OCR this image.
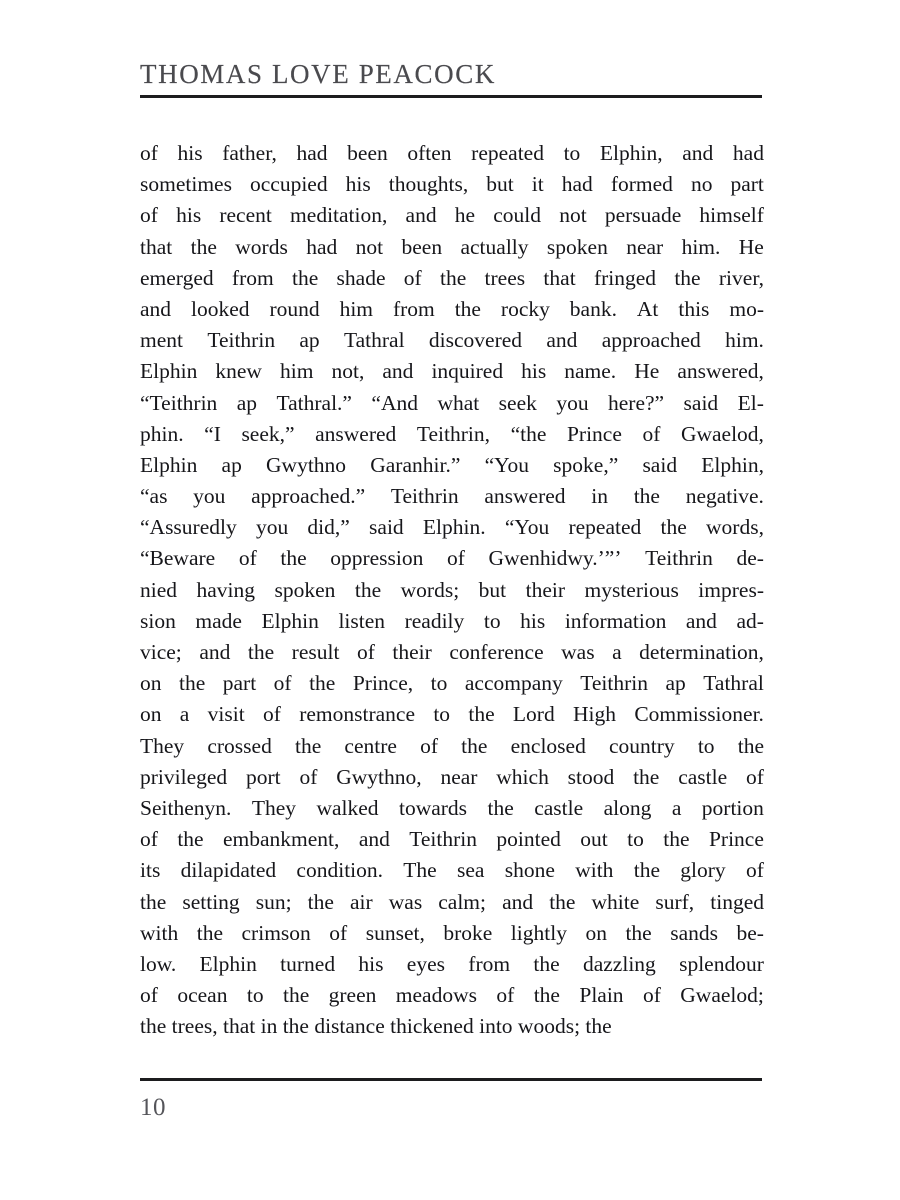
THOMAS LOVE PEACOCK
of his father, had been often repeated to Elphin, and had
sometimes occupied his thoughts, but it had formed no part
of his recent meditation, and he could not persuade himself
that the words had not been actually spoken near him. He
emerged from the shade of the trees that fringed the river,
and looked round him from the rocky bank. At this mo-
ment Teithrin ap Tathral discovered and approached him.
Elphin knew him not, and inquired his name. He answered,
“Teithrin ap Tathral.” “And what seek you here?” said El-
phin. “I seek,” answered Teithrin, “the Prince of Gwaelod,
Elphin ap Gwythno Garanhir.” “You spoke,” said Elphin,
“as you approached.” Teithrin answered in the negative.
“Assuredly you did,” said Elphin. “You repeated the words,
“Beware of the oppression of Gwenhidwy.’”’ Teithrin de-
nied having spoken the words; but their mysterious impres-
sion made Elphin listen readily to his information and ad-
vice; and the result of their conference was a determination,
on the part of the Prince, to accompany Teithrin ap Tathral
on a visit of remonstrance to the Lord High Commissioner.
They crossed the centre of the enclosed country to the
privileged port of Gwythno, near which stood the castle of
Seithenyn. They walked towards the castle along a portion
of the embankment, and Teithrin pointed out to the Prince
its dilapidated condition. The sea shone with the glory of
the setting sun; the air was calm; and the white surf, tinged
with the crimson of sunset, broke lightly on the sands be-
low. Elphin turned his eyes from the dazzling splendour
of ocean to the green meadows of the Plain of Gwaelod;
the trees, that in the distance thickened into woods; the
10
